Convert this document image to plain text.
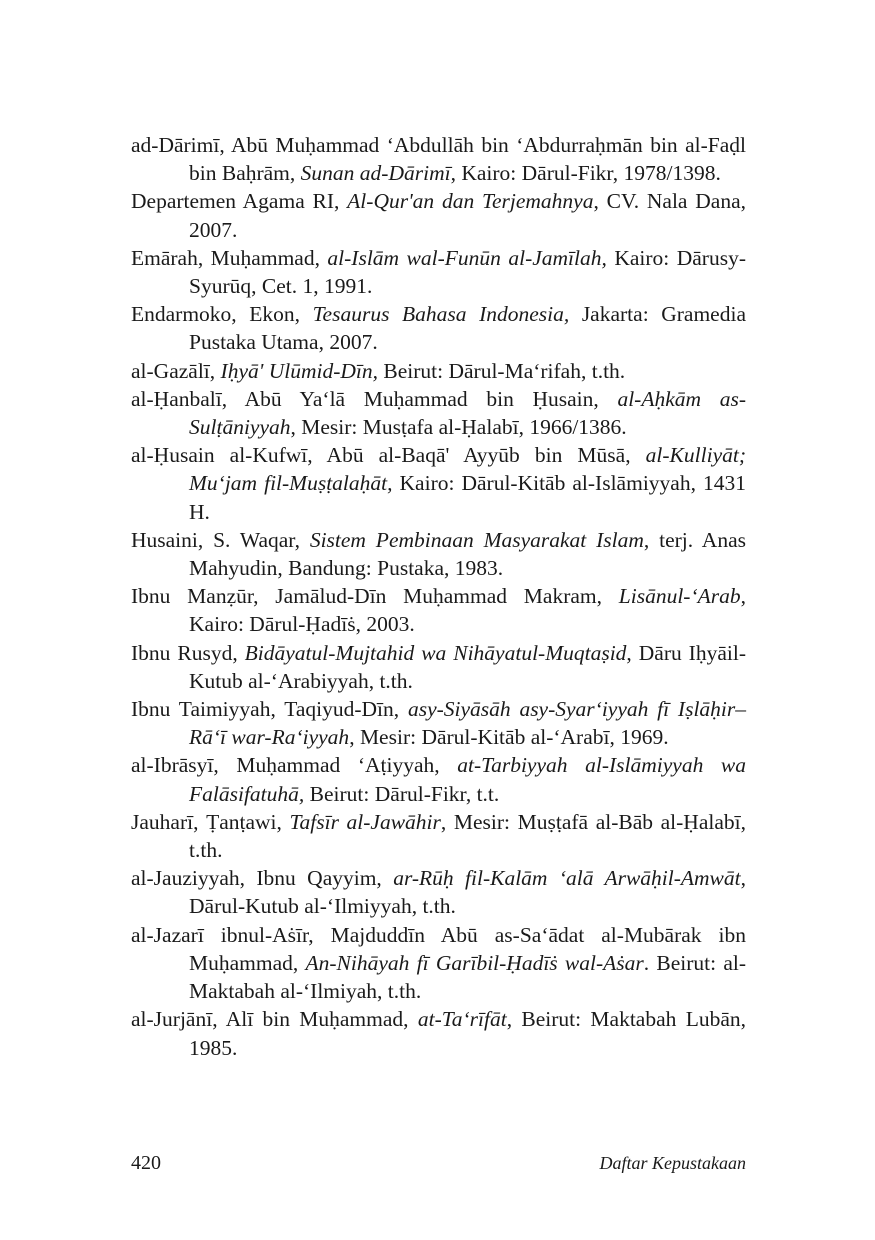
ad-Dārimī, Abū Muḥammad ‘Abdullāh bin ‘Abdurraḥmān bin al-Faḍl bin Baḥrām, Sunan ad-Dārimī, Kairo: Dārul-Fikr, 1978/1398.

Departemen Agama RI, Al-Qur'an dan Terjemahnya, CV. Nala Dana, 2007.

Emārah, Muḥammad, al-Islām wal-Funūn al-Jamīlah, Kairo: Dārusy-Syurūq, Cet. 1, 1991.

Endarmoko, Ekon, Tesaurus Bahasa Indonesia, Jakarta: Gramedia Pustaka Utama, 2007.

al-Gazālī, Iḥyā' Ulūmid-Dīn, Beirut: Dārul-Ma‘rifah, t.th.

al-Ḥanbalī, Abū Ya‘lā Muḥammad bin Ḥusain, al-Aḥkām as-Sulṭāniyyah, Mesir: Musṭafa al-Ḥalabī, 1966/1386.

al-Ḥusain al-Kufwī, Abū al-Baqā' Ayyūb bin Mūsā, al-Kulliyāt; Mu‘jam fil-Muṣṭalaḥāt, Kairo: Dārul-Kitāb al-Islāmiyyah, 1431 H.

Husaini, S. Waqar, Sistem Pembinaan Masyarakat Islam, terj. Anas Mahyudin, Bandung: Pustaka, 1983.

Ibnu Manẓūr, Jamālud-Dīn Muḥammad Makram, Lisānul-‘Arab, Kairo: Dārul-Ḥadīṡ, 2003.

Ibnu Rusyd, Bidāyatul-Mujtahid wa Nihāyatul-Muqtaṣid, Dāru Iḥyāil-Kutub al-‘Arabiyyah, t.th.

Ibnu Taimiyyah, Taqiyud-Dīn, asy-Siyāsāh asy-Syar‘iyyah fī Iṣlāḥir–Rā‘ī war-Ra‘iyyah, Mesir: Dārul-Kitāb al-‘Arabī, 1969.

al-Ibrāsyī, Muḥammad ‘Aṭiyyah, at-Tarbiyyah al-Islāmiyyah wa Falāsifatuhā, Beirut: Dārul-Fikr, t.t.

Jauharī, Ṭanṭawi, Tafsīr al-Jawāhir, Mesir: Muṣṭafā al-Bāb al-Ḥalabī, t.th.

al-Jauziyyah, Ibnu Qayyim, ar-Rūḥ fil-Kalām ‘alā Arwāḥil-Amwāt, Dārul-Kutub al-‘Ilmiyyah, t.th.

al-Jazarī ibnul-Aṡīr, Majduddīn Abū as-Sa‘ādat al-Mubārak ibn Muḥammad, An-Nihāyah fī Garībil-Ḥadīṡ wal-Aṡar. Beirut: al-Maktabah al-‘Ilmiyah, t.th.

al-Jurjānī, Alī bin Muḥammad, at-Ta‘rīfāt, Beirut: Maktabah Lubān, 1985.

420	Daftar Kepustakaan
